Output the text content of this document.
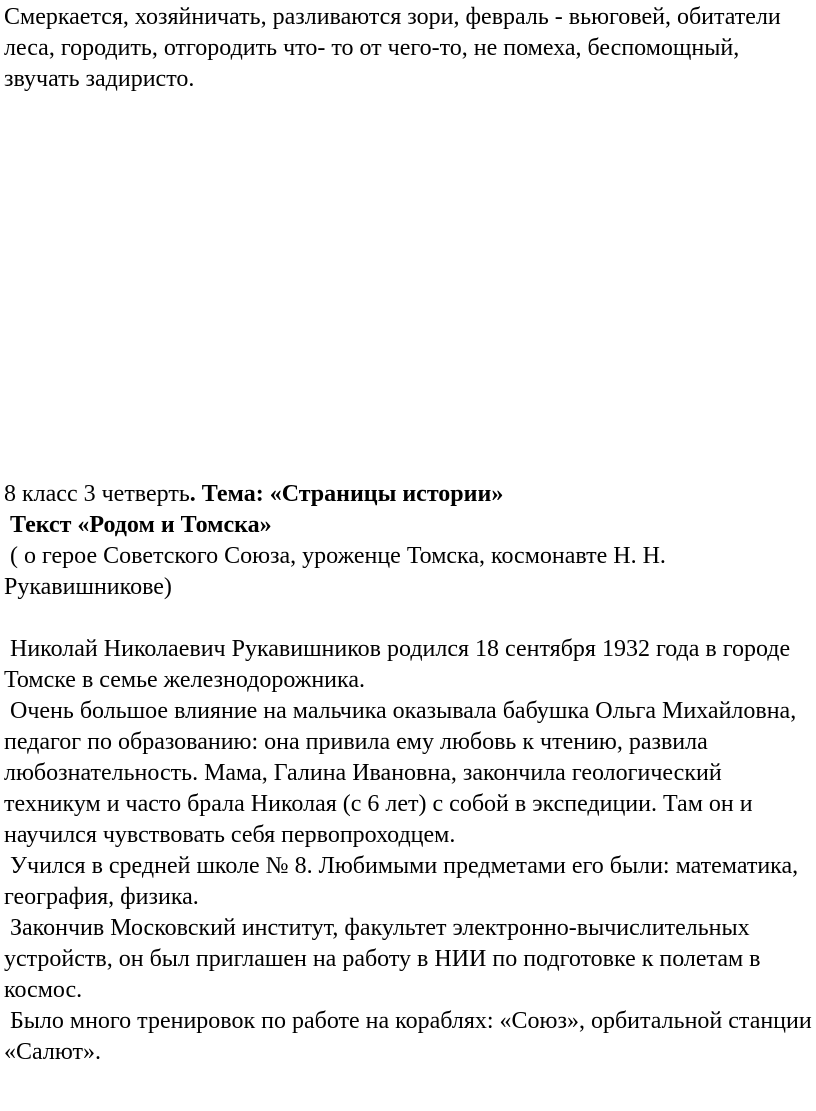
Смеркается, хозяйничать, разливаются зори, февраль - вьюговей, обитатели леса, городить, отгородить что- то от чего-то, не помеха, беспомощный, звучать задиристо.

8 класс 3 четверть. Тема: «Страницы истории»

Текст «Родом и Томска»

( о герое Советского Союза, уроженце Томска, космонавте Н. Н. Рукавишникове)

Николай Николаевич Рукавишников родился 18 сентября 1932 года в городе Томске в семье железнодорожника.

Очень большое влияние на мальчика оказывала бабушка Ольга Михайловна, педагог по образованию: она привила ему любовь к чтению, развила любознательность. Мама, Галина Ивановна, закончила геологический техникум и часто брала Николая (с 6 лет) с собой в экспедиции. Там он и научился чувствовать себя первопроходцем.

Учился в средней школе № 8. Любимыми предметами его были: математика, география, физика.

Закончив Московский институт, факультет электронно-вычислительных устройств, он был приглашен на работу в НИИ по подготовке к полетам в космос.

Было много тренировок по работе на кораблях: «Союз», орбитальной станции «Салют».
